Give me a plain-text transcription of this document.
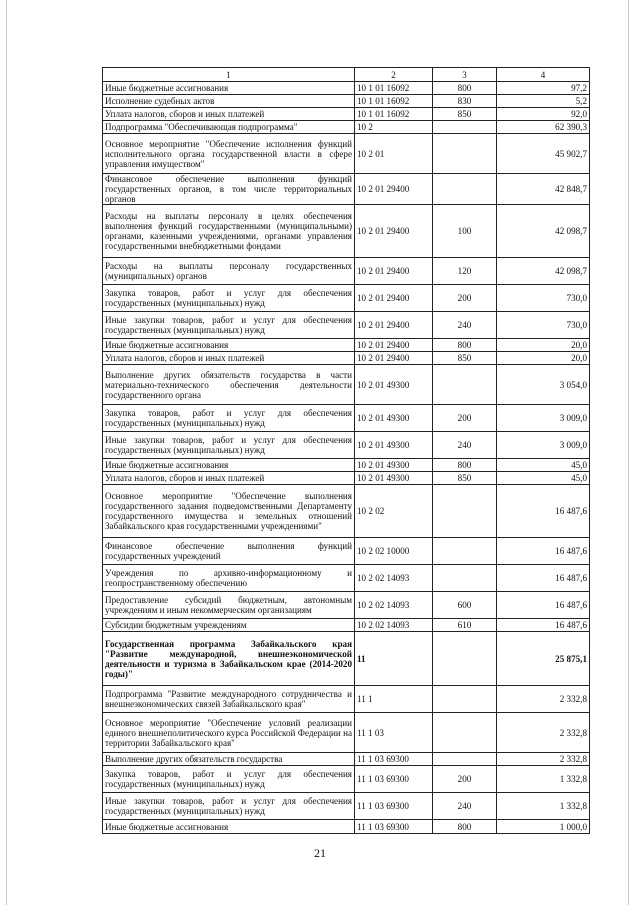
1	2	3	4
Иные бюджетные ассигнования	10 1 01 16092	800	97,2
Исполнение судебных актов	10 1 01 16092	830	5,2
Уплата налогов, сборов и иных платежей	10 1 01 16092	850	92,0
Подпрограмма "Обеспечивающая подпрограмма"	10 2		62 390,3
Основное мероприятие "Обеспечение исполнения функций исполнительного органа государственной власти в сфере управления имуществом"	10 2 01		45 902,7
Финансовое обеспечение выполнения функций государственных органов, в том числе территориальных органов	10 2 01 29400		42 848,7
Расходы на выплаты персоналу в целях обеспечения выполнения функций государственными (муниципальными) органами, казенными учреждениями, органами управления государственными внебюджетными фондами	10 2 01 29400	100	42 098,7
Расходы на выплаты персоналу государственных (муниципальных) органов	10 2 01 29400	120	42 098,7
Закупка товаров, работ и услуг для обеспечения государственных (муниципальных) нужд	10 2 01 29400	200	730,0
Иные закупки товаров, работ и услуг для обеспечения государственных (муниципальных) нужд	10 2 01 29400	240	730,0
Иные бюджетные ассигнования	10 2 01 29400	800	20,0
Уплата налогов, сборов и иных платежей	10 2 01 29400	850	20,0
Выполнение других обязательств государства в части материально-технического обеспечения деятельности государственного органа	10 2 01 49300		3 054,0
Закупка товаров, работ и услуг для обеспечения государственных (муниципальных) нужд	10 2 01 49300	200	3 009,0
Иные закупки товаров, работ и услуг для обеспечения государственных (муниципальных) нужд	10 2 01 49300	240	3 009,0
Иные бюджетные ассигнования	10 2 01 49300	800	45,0
Уплата налогов, сборов и иных платежей	10 2 01 49300	850	45,0
Основное мероприятие "Обеспечение выполнения государственного задания подведомственными Департаменту государственного имущества и земельных отношений Забайкальского края государственными учреждениями"	10 2 02		16 487,6
Финансовое обеспечение выполнения функций государственных учреждений	10 2 02 10000		16 487,6
Учреждения по архивно-информационному и геопространственному обеспечению	10 2 02 14093		16 487,6
Предоставление субсидий бюджетным, автономным учреждениям и иным некоммерческим организациям	10 2 02 14093	600	16 487,6
Субсидии бюджетным учреждениям	10 2 02 14093	610	16 487,6
Государственная программа Забайкальского края "Развитие международной, внешнеэкономической деятельности и туризма в Забайкальском крае (2014-2020 годы)"	11		25 875,1
Подпрограмма "Развитие международного сотрудничества и внешнеэкономических связей Забайкальского края"	11 1		2 332,8
Основное мероприятие "Обеспечение условий реализации единого внешнеполитического курса Российской Федерации на территории Забайкальского края"	11 1 03		2 332,8
Выполнение других обязательств государства	11 1 03 69300		2 332,8
Закупка товаров, работ и услуг для обеспечения государственных (муниципальных) нужд	11 1 03 69300	200	1 332,8
Иные закупки товаров, работ и услуг для обеспечения государственных (муниципальных) нужд	11 1 03 69300	240	1 332,8
Иные бюджетные ассигнования	11 1 03 69300	800	1 000,0
21
